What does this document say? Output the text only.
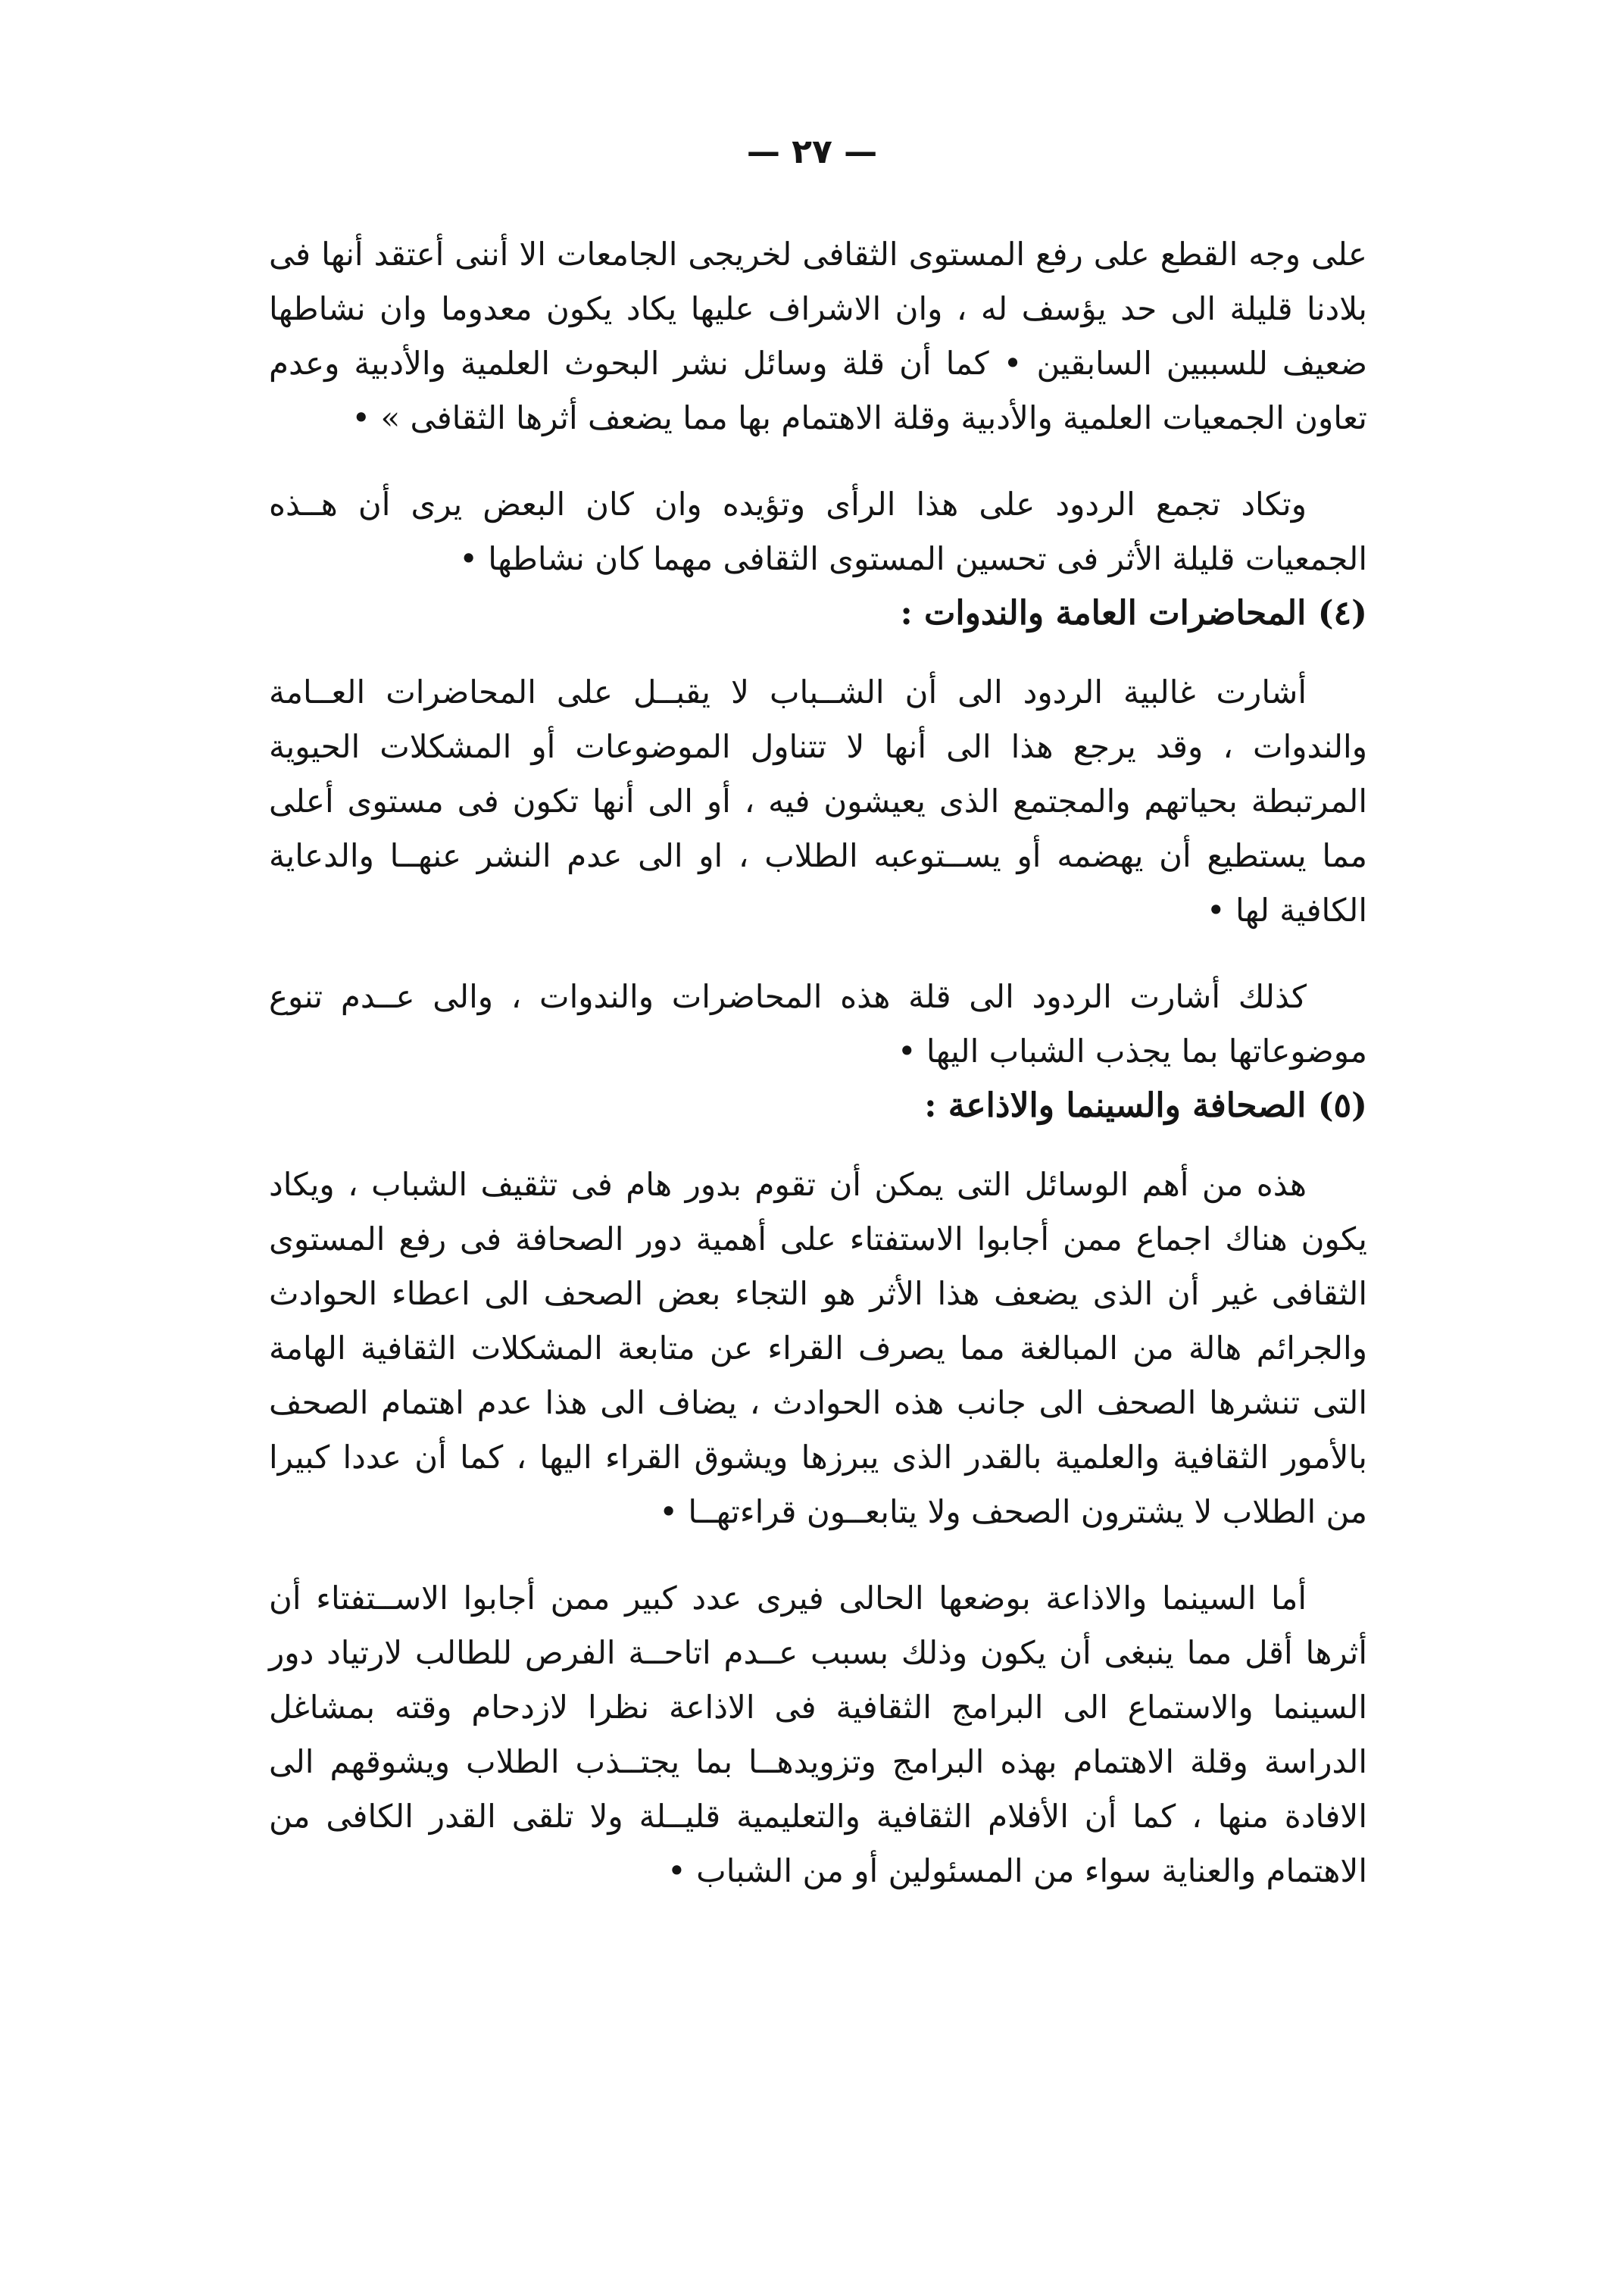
— ٢٧ —

على وجه القطع على رفع المستوى الثقافى لخريجى الجامعات الا أننى أعتقد أنها فى بلادنا قليلة الى حد يؤسف له ، وان الاشراف عليها يكاد يكون معدوما وان نشاطها ضعيف للسببين السابقين • كما أن قلة وسائل نشر البحوث العلمية والأدبية وعدم تعاون الجمعيات العلمية والأدبية وقلة الاهتمام بها مما يضعف أثرها الثقافى » •

وتكاد تجمع الردود على هذا الرأى وتؤيده وان كان البعض يرى أن هــذه الجمعيات قليلة الأثر فى تحسين المستوى الثقافى مهما كان نشاطها •

(٤) المحاضرات العامة والندوات :

أشارت غالبية الردود الى أن الشــباب لا يقبــل على المحاضرات العــامة والندوات ، وقد يرجع هذا الى أنها لا تتناول الموضوعات أو المشكلات الحيوية المرتبطة بحياتهم والمجتمع الذى يعيشون فيه ، أو الى أنها تكون فى مستوى أعلى مما يستطيع أن يهضمه أو يســتوعبه الطلاب ، او الى عدم النشر عنهــا والدعاية الكافية لها •

كذلك أشارت الردود الى قلة هذه المحاضرات والندوات ، والى عــدم تنوع موضوعاتها بما يجذب الشباب اليها •

(٥) الصحافة والسينما والاذاعة :

هذه من أهم الوسائل التى يمكن أن تقوم بدور هام فى تثقيف الشباب ، ويكاد يكون هناك اجماع ممن أجابوا الاستفتاء على أهمية دور الصحافة فى رفع المستوى الثقافى غير أن الذى يضعف هذا الأثر هو التجاء بعض الصحف الى اعطاء الحوادث والجرائم هالة من المبالغة مما يصرف القراء عن متابعة المشكلات الثقافية الهامة التى تنشرها الصحف الى جانب هذه الحوادث ، يضاف الى هذا عدم اهتمام الصحف بالأمور الثقافية والعلمية بالقدر الذى يبرزها ويشوق القراء اليها ، كما أن عددا كبيرا من الطلاب لا يشترون الصحف ولا يتابعــون قراءتهــا •

أما السينما والاذاعة بوضعها الحالى فيرى عدد كبير ممن أجابوا الاســتفتاء أن أثرها أقل مما ينبغى أن يكون وذلك بسبب عــدم اتاحــة الفرص للطالب لارتياد دور السينما والاستماع الى البرامج الثقافية فى الاذاعة نظرا لازدحام وقته بمشاغل الدراسة وقلة الاهتمام بهذه البرامج وتزويدهــا بما يجتــذب الطلاب ويشوقهم الى الافادة منها ، كما أن الأفلام الثقافية والتعليمية قليــلة ولا تلقى القدر الكافى من الاهتمام والعناية سواء من المسئولين أو من الشباب •
